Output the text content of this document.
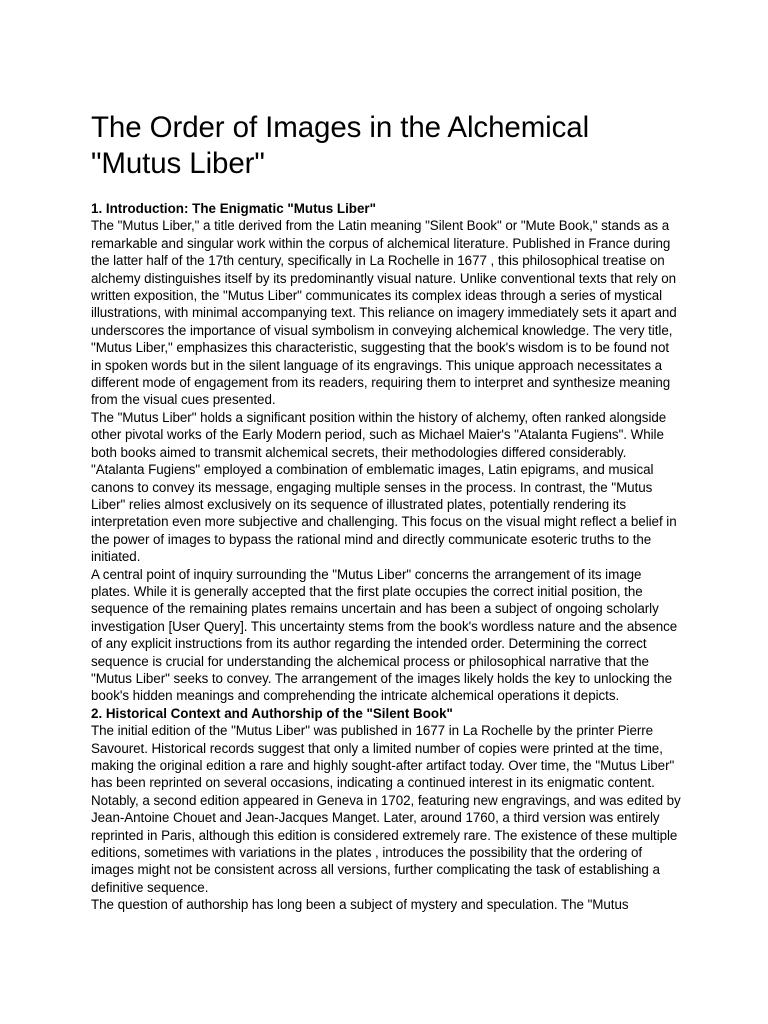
The Order of Images in the Alchemical "Mutus Liber"
1. Introduction: The Enigmatic "Mutus Liber"

The "Mutus Liber," a title derived from the Latin meaning "Silent Book" or "Mute Book," stands as a remarkable and singular work within the corpus of alchemical literature. Published in France during the latter half of the 17th century, specifically in La Rochelle in 1677 , this philosophical treatise on alchemy distinguishes itself by its predominantly visual nature. Unlike conventional texts that rely on written exposition, the "Mutus Liber" communicates its complex ideas through a series of mystical illustrations, with minimal accompanying text. This reliance on imagery immediately sets it apart and underscores the importance of visual symbolism in conveying alchemical knowledge. The very title, "Mutus Liber," emphasizes this characteristic, suggesting that the book's wisdom is to be found not in spoken words but in the silent language of its engravings. This unique approach necessitates a different mode of engagement from its readers, requiring them to interpret and synthesize meaning from the visual cues presented.

The "Mutus Liber" holds a significant position within the history of alchemy, often ranked alongside other pivotal works of the Early Modern period, such as Michael Maier's "Atalanta Fugiens". While both books aimed to transmit alchemical secrets, their methodologies differed considerably. "Atalanta Fugiens" employed a combination of emblematic images, Latin epigrams, and musical canons to convey its message, engaging multiple senses in the process. In contrast, the "Mutus Liber" relies almost exclusively on its sequence of illustrated plates, potentially rendering its interpretation even more subjective and challenging. This focus on the visual might reflect a belief in the power of images to bypass the rational mind and directly communicate esoteric truths to the initiated.

A central point of inquiry surrounding the "Mutus Liber" concerns the arrangement of its image plates. While it is generally accepted that the first plate occupies the correct initial position, the sequence of the remaining plates remains uncertain and has been a subject of ongoing scholarly investigation [User Query]. This uncertainty stems from the book's wordless nature and the absence of any explicit instructions from its author regarding the intended order. Determining the correct sequence is crucial for understanding the alchemical process or philosophical narrative that the "Mutus Liber" seeks to convey. The arrangement of the images likely holds the key to unlocking the book's hidden meanings and comprehending the intricate alchemical operations it depicts.

2. Historical Context and Authorship of the "Silent Book"

The initial edition of the "Mutus Liber" was published in 1677 in La Rochelle by the printer Pierre Savouret. Historical records suggest that only a limited number of copies were printed at the time, making the original edition a rare and highly sought-after artifact today. Over time, the "Mutus Liber" has been reprinted on several occasions, indicating a continued interest in its enigmatic content. Notably, a second edition appeared in Geneva in 1702, featuring new engravings, and was edited by Jean-Antoine Chouet and Jean-Jacques Manget. Later, around 1760, a third version was entirely reprinted in Paris, although this edition is considered extremely rare. The existence of these multiple editions, sometimes with variations in the plates , introduces the possibility that the ordering of images might not be consistent across all versions, further complicating the task of establishing a definitive sequence.

The question of authorship has long been a subject of mystery and speculation. The "Mutus
